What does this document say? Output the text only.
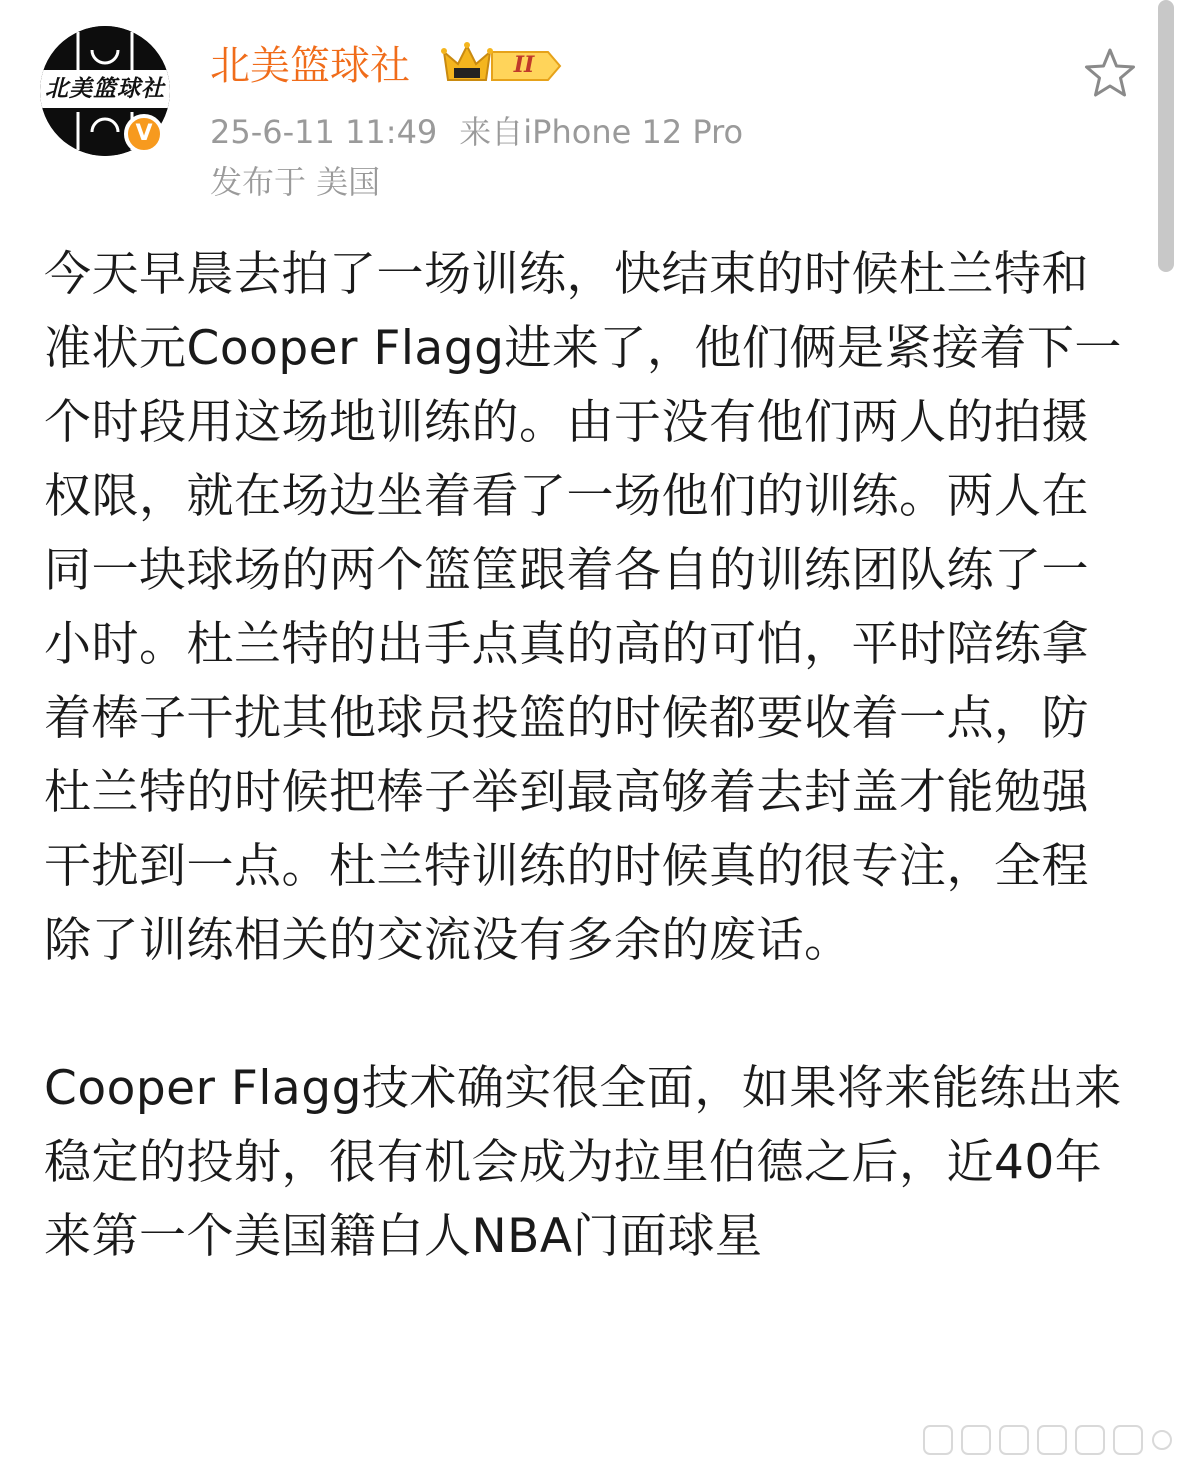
北美篮球社
V
北美篮球社	II
25-6-11 11:49 来自iPhone 12 Pro
发布于 美国

今天早晨去拍了一场训练，快结束的时候杜兰特和准状元Cooper Flagg进来了，他们俩是紧接着下一个时段用这场地训练的。由于没有他们两人的拍摄权限，就在场边坐着看了一场他们的训练。两人在同一块球场的两个篮筐跟着各自的训练团队练了一小时。杜兰特的出手点真的高的可怕，平时陪练拿着棒子干扰其他球员投篮的时候都要收着一点，防杜兰特的时候把棒子举到最高够着去封盖才能勉强干扰到一点。杜兰特训练的时候真的很专注，全程除了训练相关的交流没有多余的废话。

Cooper Flagg技术确实很全面，如果将来能练出来稳定的投射，很有机会成为拉里伯德之后，近40年来第一个美国籍白人NBA门面球星
